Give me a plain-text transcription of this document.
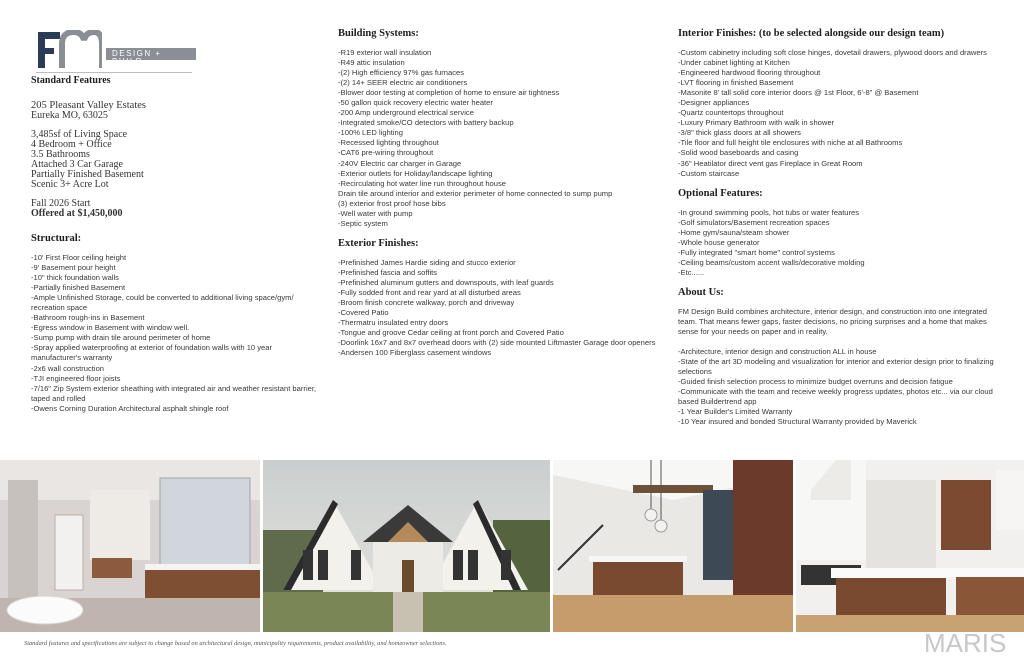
DESIGN + BUILD
Standard Features
205 Pleasant Valley Estates
Eureka MO, 63025
3,485sf of Living Space
4 Bedroom + Office
3.5 Bathrooms
Attached 3 Car Garage
Partially Finished Basement
Scenic 3+ Acre Lot
Fall 2026 Start
Offered at $1,450,000
Structural:
-10' First Floor ceiling height
-9' Basement pour height
-10" thick foundation walls
-Partially finished Basement
-Ample Unfinished Storage, could be converted to additional living space/gym/ recreation space
-Bathroom rough-ins in Basement
-Egress window in Basement with window well.
-Sump pump with drain tile around perimeter of home
-Spray applied waterproofing at exterior of foundation walls with 10 year manufacturer's warranty
-2x6 wall construction
-TJI engineered floor joists
-7/16" Zip System exterior sheathing with integrated air and weather resistant barrier, taped and rolled
-Owens Corning Duration Architectural asphalt shingle roof
Building Systems:
-R19 exterior wall insulation
-R49 attic insulation
-(2) High efficiency 97% gas furnaces
-(2) 14+ SEER electric air conditioners
-Blower door testing at completion of home to ensure air tightness
-50 gallon quick recovery electric water heater
-200 Amp underground electrical service
-Integrated smoke/CO detectors with battery backup
-100% LED lighting
-Recessed lighting throughout
-CAT6 pre-wiring throughout
-240V Electric car charger in Garage
-Exterior outlets for Holiday/landscape lighting
-Recirculating hot water line run throughout house
Drain tile around interior and exterior perimeter of home connected to sump pump
(3) exterior frost proof hose bibs
-Well water with pump
-Septic system
Exterior Finishes:
-Prefinished James Hardie siding and stucco exterior
-Prefinished fascia and soffits
-Prefinished aluminum gutters and downspouts, with leaf guards
-Fully sodded front and rear yard at all disturbed areas
-Broom finish concrete walkway, porch and driveway
-Covered Patio
-Thermatru insulated entry doors
-Tongue and groove Cedar ceiling at front porch and Covered Patio
-Doorlink 16x7 and 8x7 overhead doors with (2) side mounted Liftmaster Garage door openers
-Andersen 100 Fiberglass casement windows
Interior Finishes: (to be selected alongside our design team)
-Custom cabinetry including soft close hinges, dovetail drawers, plywood doors and drawers
-Under cabinet lighting at Kitchen
-Engineered hardwood flooring throughout
-LVT flooring in finished Basement
-Masonite 8' tall solid core interior doors @ 1st Floor, 6'-8" @ Basement
-Designer appliances
-Quartz countertops throughout
-Luxury Primary Bathroom with walk in shower
-3/8" thick glass doors at all showers
-Tile floor and full height tile enclosures with niche at all Bathrooms
-Solid wood baseboards and casing
-36" Heatilator direct vent gas Fireplace in Great Room
-Custom staircase
Optional Features:
-In ground swimming pools, hot tubs or water features
-Golf simulators/Basement recreation spaces
-Home gym/sauna/steam shower
-Whole house generator
-Fully integrated "smart home" control systems
-Ceiling beams/custom accent walls/decorative molding
-Etc......
About Us:
FM Design Build combines architecture, interior design, and construction into one integrated team. That means fewer gaps, faster decisions, no pricing surprises and a home that makes sense for your needs on paper and in reality.
-Architecture, interior design and construction ALL in house
-State of the art 3D modeling and visualization for interior and exterior design prior to finalizing selections
-Guided finish selection process to minimize budget overruns and decision fatigue
-Communicate with the team and receive weekly progress updates, photos etc... via our cloud based Buildertrend app
-1 Year Builder's Limited Warranty
-10 Year insured and bonded Structural Warranty provided by Maverick
Standard features and specifications are subject to change based on architectural design, municipality requirements, product availability, and homeowner selections.	MARIS
